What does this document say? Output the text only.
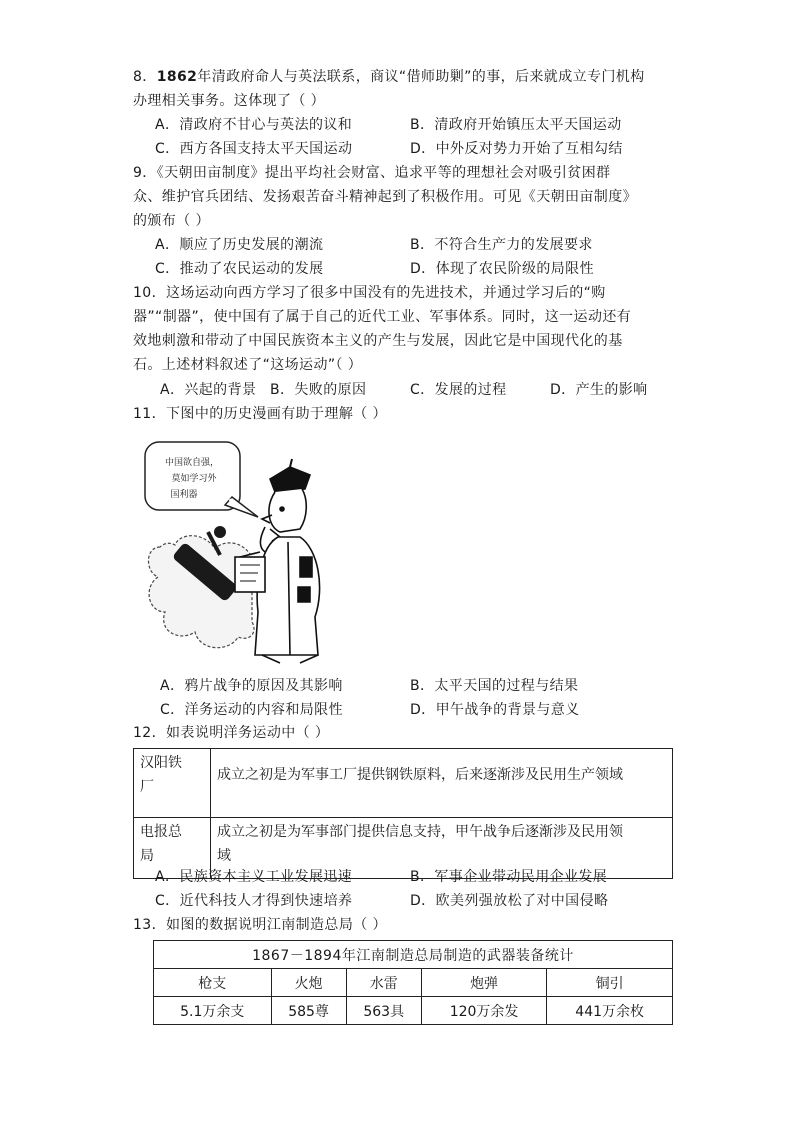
8．1862年清政府命人与英法联系，商议“借师助剿”的事，后来就成立专门机构
办理相关事务。这体现了（ ）
A．清政府不甘心与英法的议和	B．清政府开始镇压太平天国运动
C．西方各国支持太平天国运动	D．中外反对势力开始了互相勾结
9．《天朝田亩制度》提出平均社会财富、追求平等的理想社会对吸引贫困群
众、维护官兵团结、发扬艰苦奋斗精神起到了积极作用。可见《天朝田亩制度》
的颁布（ ）
A．顺应了历史发展的潮流	B．不符合生产力的发展要求
C．推动了农民运动的发展	D．体现了农民阶级的局限性
10．这场运动向西方学习了很多中国没有的先进技术，并通过学习后的“购
器”“制器”，使中国有了属于自己的近代工业、军事体系。同时，这一运动还有
效地刺激和带动了中国民族资本主义的产生与发展，因此它是中国现代化的基
石。上述材料叙述了“这场运动”（ ）
A．兴起的背景 B．失败的原因	C．发展的过程	D．产生的影响
11．下图中的历史漫画有助于理解（ ）
中国欲自强，
莫如学习外
国利器
A．鸦片战争的原因及其影响	B．太平天国的过程与结果
C．洋务运动的内容和局限性	D．甲午战争的背景与意义
12．如表说明洋务运动中（ ）
汉阳铁
厂	成立之初是为军事工厂提供钢铁原料，后来逐渐涉及民用生产领域
电报总
局	成立之初是为军事部门提供信息支持，甲午战争后逐渐涉及民用领
域
A．民族资本主义工业发展迅速	B．军事企业带动民用企业发展
C．近代科技人才得到快速培养	D．欧美列强放松了对中国侵略
13．如图的数据说明江南制造总局（ ）
1867－1894年江南制造总局制造的武器装备统计				
枪支	火炮	水雷	炮弹	铜引
5.1万余支	585尊	563具	120万余发	441万余枚
